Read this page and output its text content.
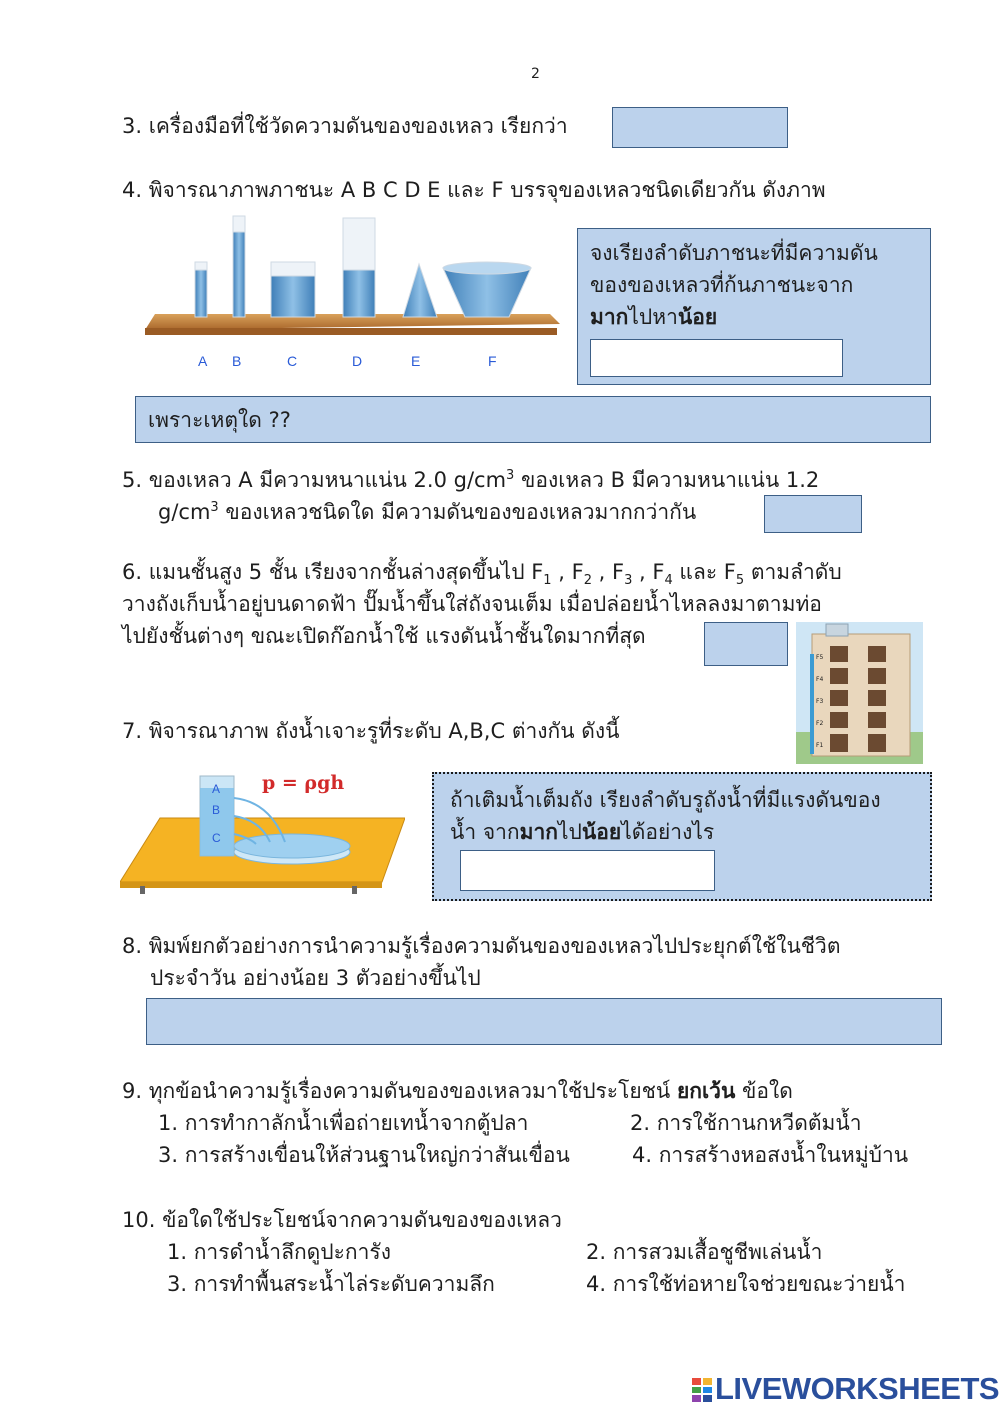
2
3. เครื่องมือที่ใช้วัดความดันของของเหลว เรียกว่า
4. พิจารณาภาพภาชนะ A B C D E และ F บรรจุของเหลวชนิดเดียวกัน ดังภาพ
A B	C	D	E	F
จงเรียงลำดับภาชนะที่มีความดัน
ของของเหลวที่ก้นภาชนะจาก
มากไปหาน้อย
เพราะเหตุใด ??
5. ของเหลว A มีความหนาแน่น 2.0 $g/cm^3$ ของเหลว B มีความหนาแน่น 1.2
$g/cm^3$ ของเหลวชนิดใด มีความดันของของเหลวมากกว่ากัน
6. แมนชั้นสูง 5 ชั้น เรียงจากชั้นล่างสุดขึ้นไป $F_1$ , $F_2$ , $F_3$ , $F_4$ และ $F_5$ ตามลำดับ
วางถังเก็บน้ำอยู่บนดาดฟ้า ปั๊มน้ำขึ้นใส่ถังจนเต็ม เมื่อปล่อยน้ำไหลลงมาตามท่อ
ไปยังชั้นต่างๆ ขณะเปิดก๊อกน้ำใช้ แรงดันน้ำชั้นใดมากที่สุด
F5
F4
F3
F2
F1
7. พิจารณาภาพ ถังน้ำเจาะรูที่ระดับ A,B,C ต่างกัน ดังนี้
A
B
C
p = ρgh
ถ้าเติมน้ำเต็มถัง เรียงลำดับรูถังน้ำที่มีแรงดันของ
น้ำ จากมากไปน้อยได้อย่างไร
8. พิมพ์ยกตัวอย่างการนำความรู้เรื่องความดันของของเหลวไปประยุกต์ใช้ในชีวิต
ประจำวัน อย่างน้อย 3 ตัวอย่างขึ้นไป
9. ทุกข้อนำความรู้เรื่องความดันของของเหลวมาใช้ประโยชน์ ยกเว้น ข้อใด
1. การทำกาลักน้ำเพื่อถ่ายเทน้ำจากตู้ปลา	2. การใช้กานกหวีดต้มน้ำ
3. การสร้างเขื่อนให้ส่วนฐานใหญ่กว่าสันเขื่อน	4. การสร้างหอสงน้ำในหมู่บ้าน
10. ข้อใดใช้ประโยชน์จากความดันของของเหลว
1. การดำน้ำลึกดูปะการัง	2. การสวมเสื้อชูชีพเล่นน้ำ
3. การทำพื้นสระน้ำไล่ระดับความลึก	4. การใช้ท่อหายใจช่วยขณะว่ายน้ำ
LIVEWORKSHEETS
